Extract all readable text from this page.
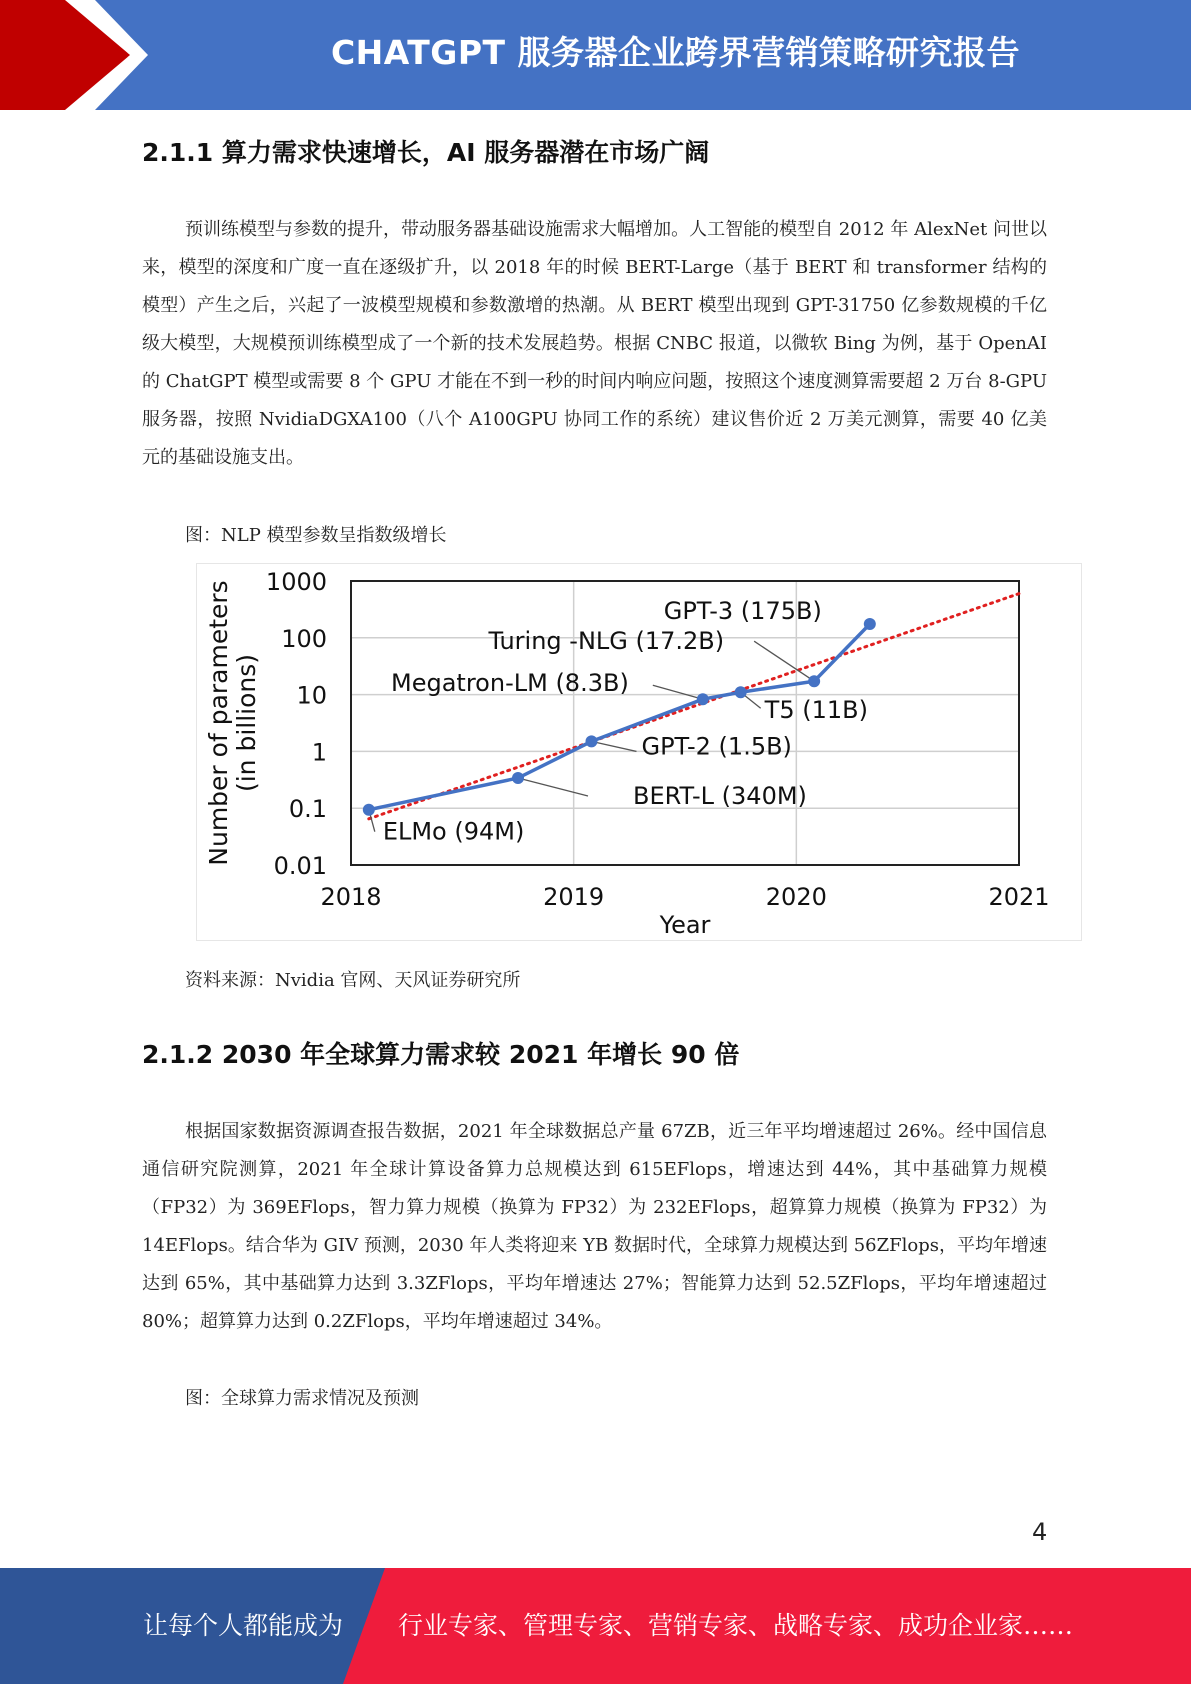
CHATGPT 服务器企业跨界营销策略研究报告
2.1.1 算力需求快速增长，AI 服务器潜在市场广阔

预训练模型与参数的提升，带动服务器基础设施需求大幅增加。人工智能的模型自 2012 年 AlexNet 问世以来，模型的深度和广度一直在逐级扩升，以 2018 年的时候 BERT-Large（基于 BERT 和 transformer 结构的模型）产生之后，兴起了一波模型规模和参数激增的热潮。从 BERT 模型出现到 GPT-31750 亿参数规模的千亿级大模型，大规模预训练模型成了一个新的技术发展趋势。根据 CNBC 报道，以微软 Bing 为例，基于 OpenAI 的 ChatGPT 模型或需要 8 个 GPU 才能在不到一秒的时间内响应问题，按照这个速度测算需要超 2 万台 8-GPU 服务器，按照 NvidiaDGXA100（八个 A100GPU 协同工作的系统）建议售价近 2 万美元测算，需要 40 亿美元的基础设施支出。

图：NLP 模型参数呈指数级增长

0.01
0.1
1
10
100
1000
2018	2019	2020	2021
Year
Number of parameters (in billions)
ELMo (94M)
BERT-L (340M)
GPT-2 (1.5B)
Megatron-LM (8.3B)
T5 (11B)
Turing -NLG (17.2B)
GPT-3 (175B)

资料来源：Nvidia 官网、天风证券研究所

2.1.2 2030 年全球算力需求较 2021 年增长 90 倍

根据国家数据资源调查报告数据，2021 年全球数据总产量 67ZB，近三年平均增速超过 26%。经中国信息通信研究院测算，2021 年全球计算设备算力总规模达到 615EFlops，增速达到 44%，其中基础算力规模（FP32）为 369EFlops，智力算力规模（换算为 FP32）为 232EFlops，超算算力规模（换算为 FP32）为 14EFlops。结合华为 GIV 预测，2030 年人类将迎来 YB 数据时代，全球算力规模达到 56ZFlops，平均年增速达到 65%，其中基础算力达到 3.3ZFlops，平均年增速达 27%；智能算力达到 52.5ZFlops，平均年增速超过 80%；超算算力达到 0.2ZFlops，平均年增速超过 34%。

图：全球算力需求情况及预测

4
让每个人都能成为 行业专家、管理专家、营销专家、战略专家、成功企业家……
